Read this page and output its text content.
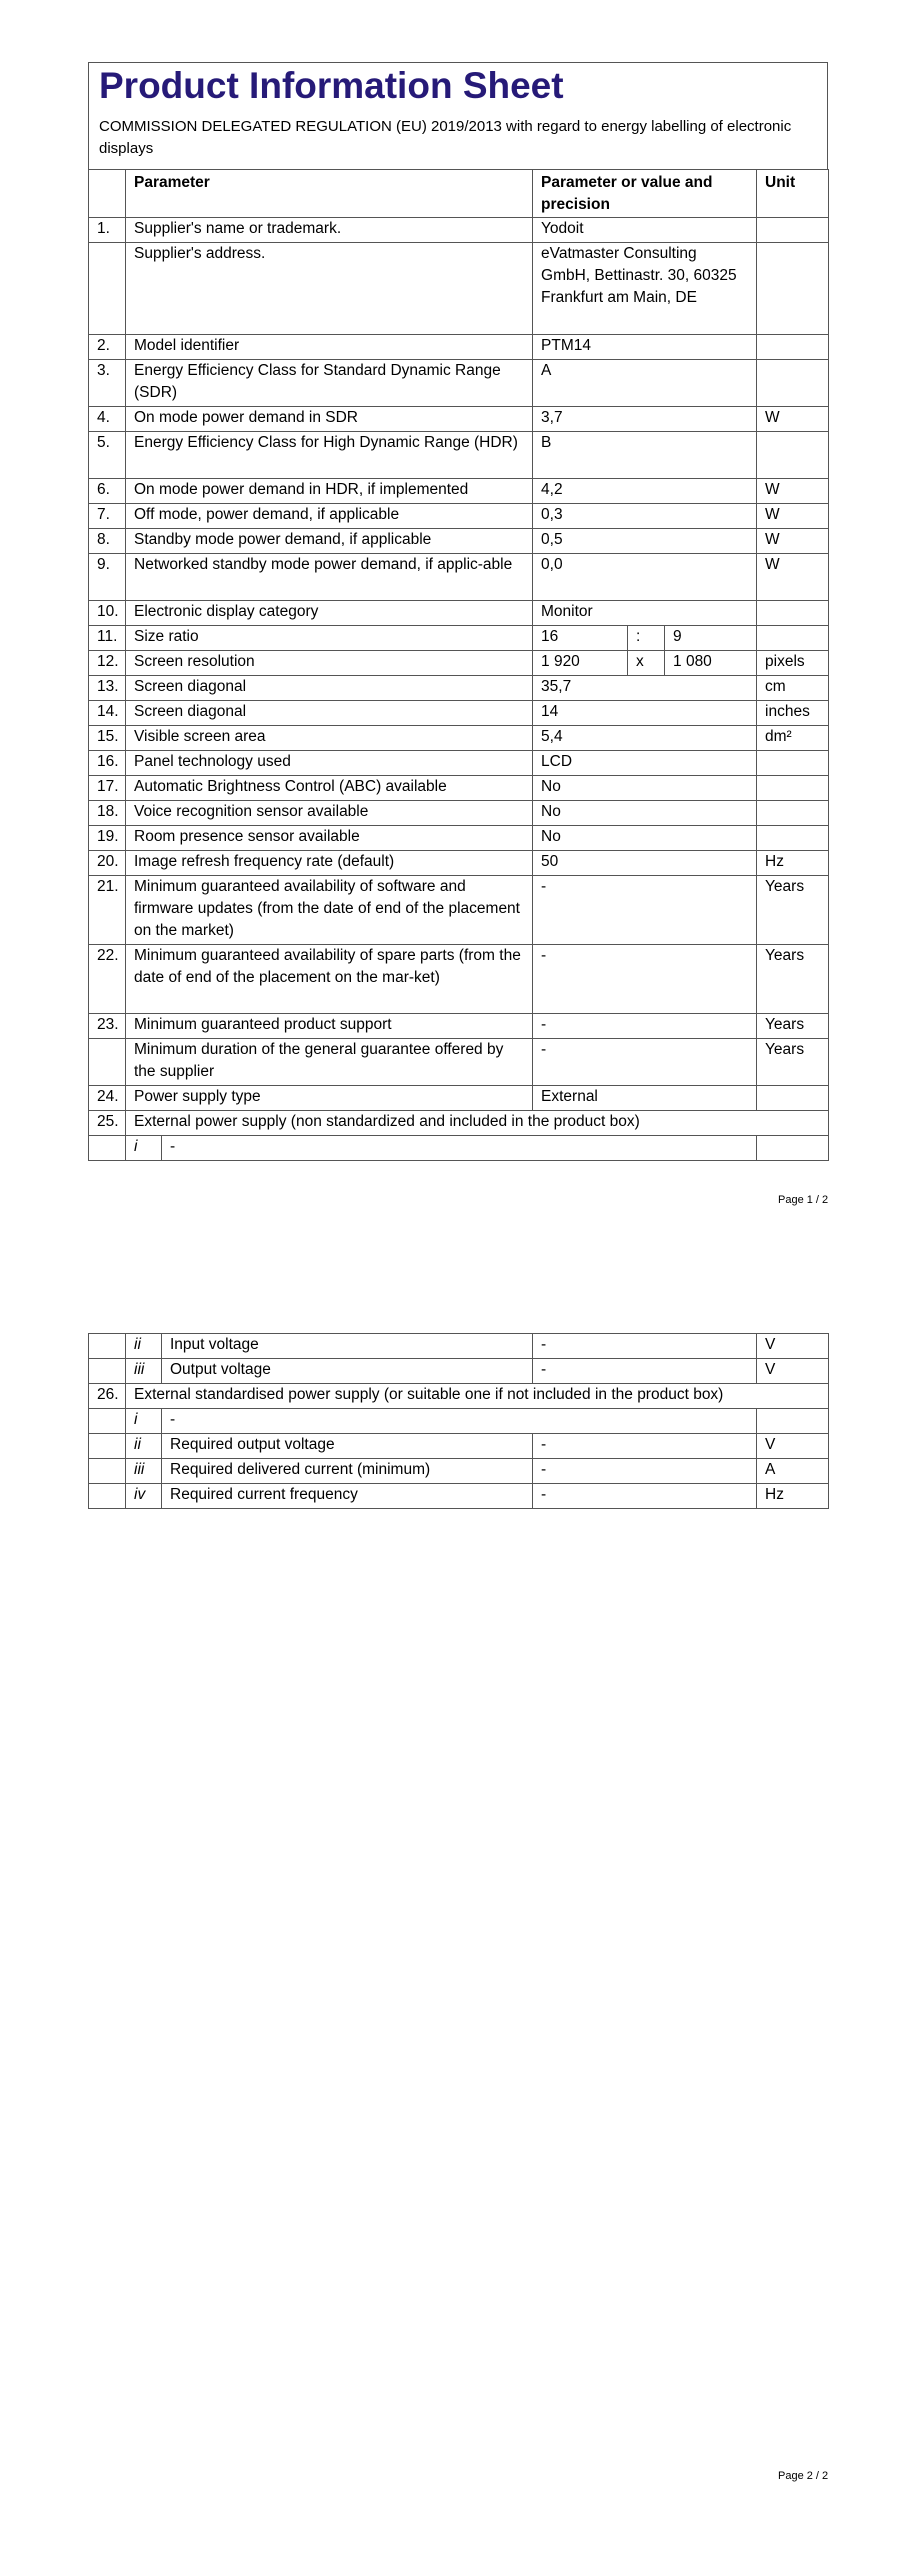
Product Information Sheet
COMMISSION DELEGATED REGULATION (EU) 2019/2013 with regard to energy labelling of electronic displays
	Parameter		Parameter or value and precision			Unit
1.	Supplier's name or trademark.		Yodoit			
	Supplier's address.		eVatmaster Consulting GmbH, Bettinastr. 30, 60325 Frankfurt am Main, DE			
2.	Model identifier		PTM14			
3.	Energy Efficiency Class for Standard Dynamic Range (SDR)		A			
4.	On mode power demand in SDR		3,7			W
5.	Energy Efficiency Class for High Dynamic Range (HDR)		B			
6.	On mode power demand in HDR, if implemented		4,2			W
7.	Off mode, power demand, if applicable		0,3			W
8.	Standby mode power demand, if applicable		0,5			W
9.	Networked standby mode power demand, if applic-able		0,0			W
10.	Electronic display category		Monitor			
11.	Size ratio		16	:	9	
12.	Screen resolution		1 920	x	1 080	pixels
13.	Screen diagonal		35,7			cm
14.	Screen diagonal		14			inches
15.	Visible screen area		5,4			dm²
16.	Panel technology used		LCD			
17.	Automatic Brightness Control (ABC) available		No			
18.	Voice recognition sensor available		No			
19.	Room presence sensor available		No			
20.	Image refresh frequency rate (default)		50			Hz
21.	Minimum guaranteed availability of software and firmware updates (from the date of end of the placement on the market)		-			Years
22.	Minimum guaranteed availability of spare parts (from the date of end of the placement on the mar-ket)		-			Years
23.	Minimum guaranteed product support		-			Years
	Minimum duration of the general guarantee offered by the supplier		-			Years
24.	Power supply type		External			
25.	External power supply (non standardized and included in the product box)					
	i	-				
Page 1 / 2
	ii	Input voltage	-	V
	iii	Output voltage	-	V
26.	External standardised power supply (or suitable one if not included in the product box)			
	i	-		
	ii	Required output voltage	-	V
	iii	Required delivered current (minimum)	-	A
	iv	Required current frequency	-	Hz
Page 2 / 2
